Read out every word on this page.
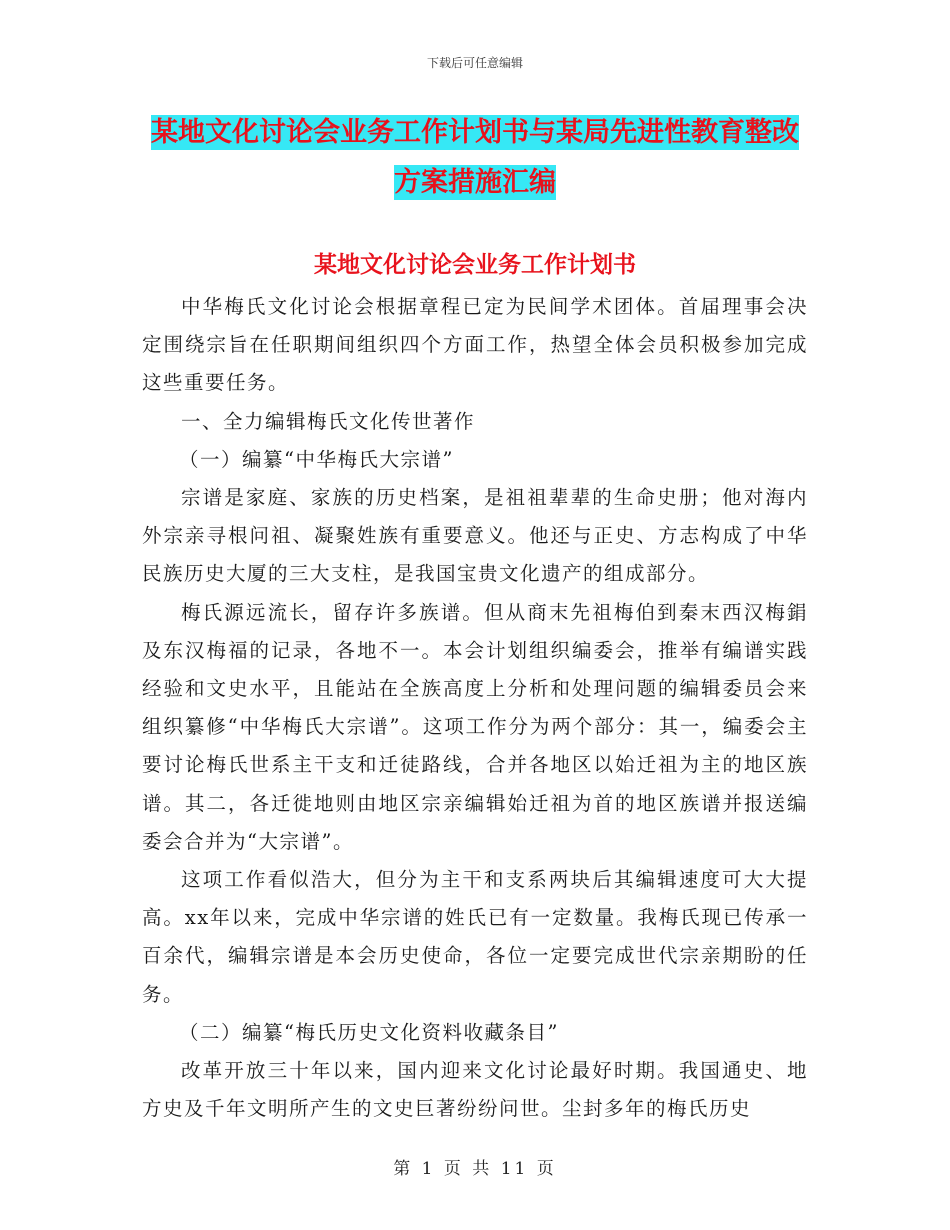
下载后可任意编辑
某地文化讨论会业务工作计划书与某局先进性教育整改方案措施汇编
某地文化讨论会业务工作计划书

中华梅氏文化讨论会根据章程已定为民间学术团体。首届理事会决定围绕宗旨在任职期间组织四个方面工作，热望全体会员积极参加完成这些重要任务。

一、全力编辑梅氏文化传世著作

（一）编纂“中华梅氏大宗谱”

宗谱是家庭、家族的历史档案，是祖祖辈辈的生命史册；他对海内外宗亲寻根问祖、凝聚姓族有重要意义。他还与正史、方志构成了中华民族历史大厦的三大支柱，是我国宝贵文化遗产的组成部分。

梅氏源远流长，留存许多族谱。但从商末先祖梅伯到秦末西汉梅鋗及东汉梅福的记录，各地不一。本会计划组织编委会，推举有编谱实践经验和文史水平，且能站在全族高度上分析和处理问题的编辑委员会来组织纂修“中华梅氏大宗谱”。这项工作分为两个部分：其一，编委会主要讨论梅氏世系主干支和迁徒路线，合并各地区以始迁祖为主的地区族谱。其二，各迁徙地则由地区宗亲编辑始迁祖为首的地区族谱并报送编委会合并为“大宗谱”。

这项工作看似浩大，但分为主干和支系两块后其编辑速度可大大提高。xx年以来，完成中华宗谱的姓氏已有一定数量。我梅氏现已传承一百余代，编辑宗谱是本会历史使命，各位一定要完成世代宗亲期盼的任务。

（二）编纂“梅氏历史文化资料收藏条目”

改革开放三十年以来，国内迎来文化讨论最好时期。我国通史、地方史及千年文明所产生的文史巨著纷纷问世。尘封多年的梅氏历史

第 1 页 共 11 页
